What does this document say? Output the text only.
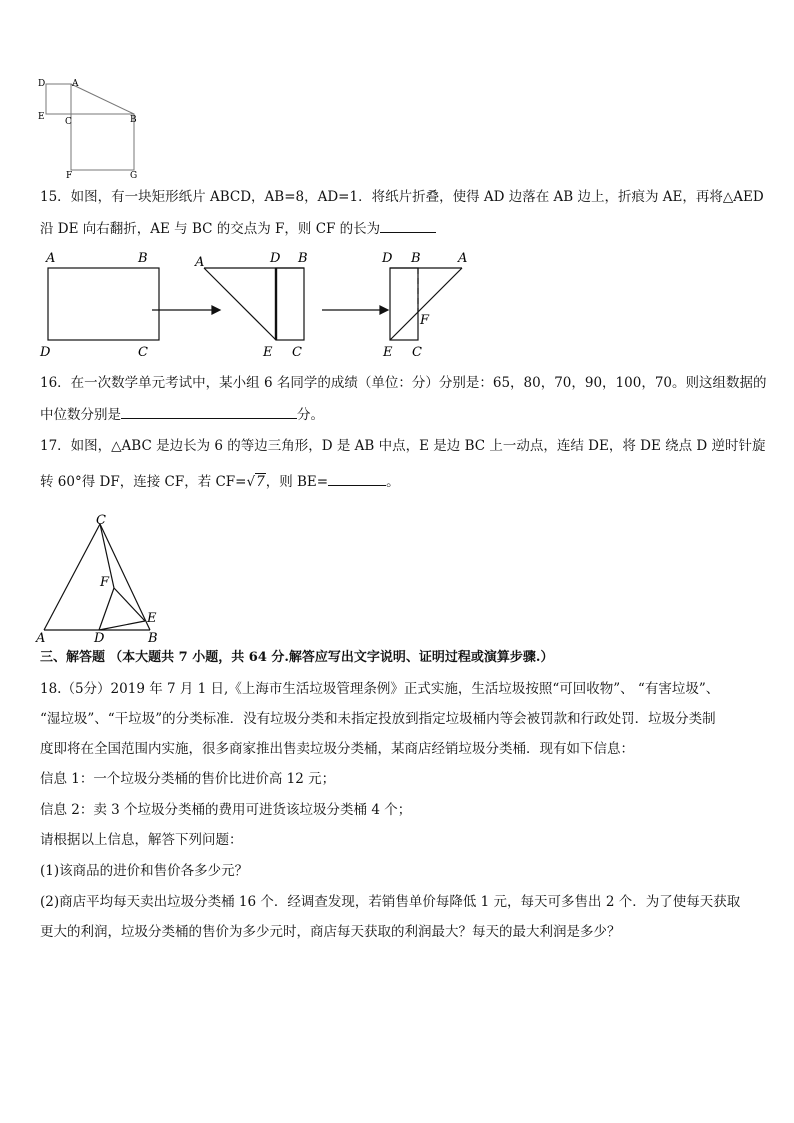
D	A
E C	B
F	G
15．如图，有一块矩形纸片 ABCD，AB=8，AD=1．将纸片折叠，使得 AD 边落在 AB 边上，折痕为 AE，再将△AED
沿 DE 向右翻折，AE 与 BC 的交点为 F，则 CF 的长为
A	B
D	C
A	D B
E C
D B	A
F
E C
16．在一次数学单元考试中，某小组 6 名同学的成绩（单位：分）分别是：65，80，70，90，100，70。则这组数据的
中位数分别是	分。
17．如图，△ABC 是边长为 6 的等边三角形，D 是 AB 中点，E 是边 BC 上一动点，连结 DE，将 DE 绕点 D 逆时针旋
转 60°得 DF，连接 CF，若 CF=√7，则 BE=	。
C
F
E
A	D	B
三、解答题 （本大题共 7 小题，共 64 分.解答应写出文字说明、证明过程或演算步骤.）
18.（5分）2019 年 7 月 1 日,《上海市生活垃圾管理条例》正式实施，生活垃圾按照“可回收物”、 “有害垃圾”、
“湿垃圾”、“干垃圾”的分类标准．没有垃圾分类和未指定投放到指定垃圾桶内等会被罚款和行政处罚．垃圾分类制
度即将在全国范围内实施，很多商家推出售卖垃圾分类桶，某商店经销垃圾分类桶．现有如下信息：
信息 1：一个垃圾分类桶的售价比进价高 12 元；
信息 2：卖 3 个垃圾分类桶的费用可进货该垃圾分类桶 4 个；
请根据以上信息，解答下列问题：
(1)该商品的进价和售价各多少元？
(2)商店平均每天卖出垃圾分类桶 16 个．经调查发现，若销售单价每降低 1 元，每天可多售出 2 个．为了使每天获取
更大的利润，垃圾分类桶的售价为多少元时，商店每天获取的利润最大？每天的最大利润是多少？
